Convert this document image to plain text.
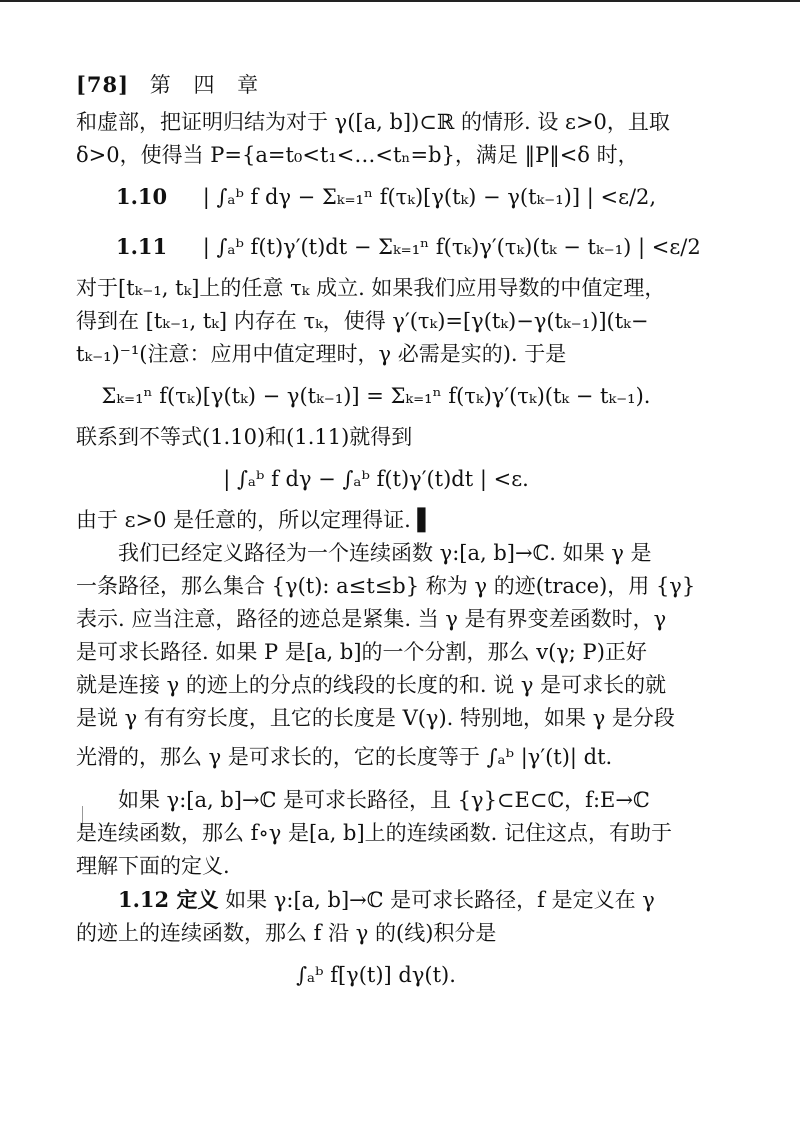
[78] 第 四 章

和虚部，把证明归结为对于 γ([a, b])⊂ℝ 的情形. 设 ε>0，且取

δ>0，使得当 P={a=t₀<t₁<…<tₙ=b}，满足 ‖P‖<δ 时，

1.10 | ∫ₐᵇ f dγ − Σₖ₌₁ⁿ f(τₖ)[γ(tₖ) − γ(tₖ₋₁)] | <ε/2,
1.11 | ∫ₐᵇ f(t)γ′(t)dt − Σₖ₌₁ⁿ f(τₖ)γ′(τₖ)(tₖ − tₖ₋₁) | <ε/2

对于[tₖ₋₁, tₖ]上的任意 τₖ 成立. 如果我们应用导数的中值定理，

得到在 [tₖ₋₁, tₖ] 内存在 τₖ，使得 γ′(τₖ)=[γ(tₖ)−γ(tₖ₋₁)](tₖ−

tₖ₋₁)⁻¹(注意：应用中值定理时，γ 必需是实的). 于是

Σₖ₌₁ⁿ f(τₖ)[γ(tₖ) − γ(tₖ₋₁)] = Σₖ₌₁ⁿ f(τₖ)γ′(τₖ)(tₖ − tₖ₋₁).

联系到不等式(1.10)和(1.11)就得到

| ∫ₐᵇ f dγ − ∫ₐᵇ f(t)γ′(t)dt | <ε.

由于 ε>0 是任意的，所以定理得证. ▌

我们已经定义路径为一个连续函数 γ:[a, b]→ℂ. 如果 γ 是

一条路径，那么集合 {γ(t): a≤t≤b} 称为 γ 的迹(trace)，用 {γ}

表示. 应当注意，路径的迹总是紧集. 当 γ 是有界变差函数时，γ

是可求长路径. 如果 P 是[a, b]的一个分割，那么 v(γ; P)正好

就是连接 γ 的迹上的分点的线段的长度的和. 说 γ 是可求长的就

是说 γ 有有穷长度，且它的长度是 V(γ). 特别地，如果 γ 是分段

光滑的，那么 γ 是可求长的，它的长度等于 ∫ₐᵇ |γ′(t)| dt.

如果 γ:[a, b]→ℂ 是可求长路径，且 {γ}⊂E⊂ℂ，f:E→ℂ

是连续函数，那么 f∘γ 是[a, b]上的连续函数. 记住这点，有助于

理解下面的定义.

1.12 定义 如果 γ:[a, b]→ℂ 是可求长路径，f 是定义在 γ

的迹上的连续函数，那么 f 沿 γ 的(线)积分是

∫ₐᵇ f[γ(t)] dγ(t).
